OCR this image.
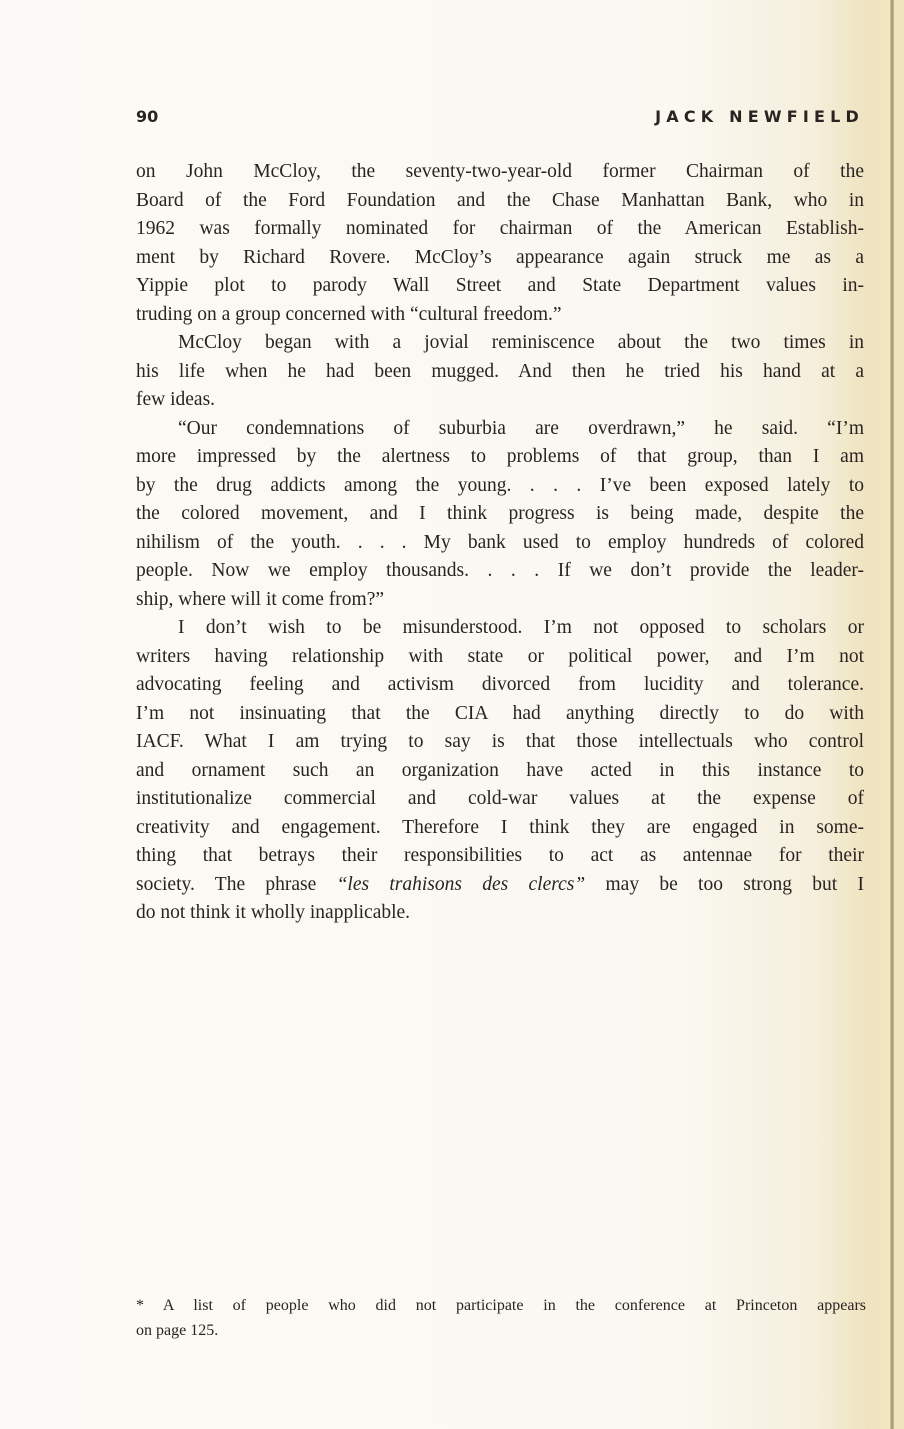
90	JACK NEWFIELD
on John McCloy, the seventy-two-year-old former Chairman of the
Board of the Ford Foundation and the Chase Manhattan Bank, who in
1962 was formally nominated for chairman of the American Establish-
ment by Richard Rovere. McCloy’s appearance again struck me as a
Yippie plot to parody Wall Street and State Department values in-
truding on a group concerned with “cultural freedom.”
McCloy began with a jovial reminiscence about the two times in
his life when he had been mugged. And then he tried his hand at a
few ideas.
“Our condemnations of suburbia are overdrawn,” he said. “I’m
more impressed by the alertness to problems of that group, than I am
by the drug addicts among the young. . . . I’ve been exposed lately to
the colored movement, and I think progress is being made, despite the
nihilism of the youth. . . . My bank used to employ hundreds of colored
people. Now we employ thousands. . . . If we don’t provide the leader-
ship, where will it come from?”
I don’t wish to be misunderstood. I’m not opposed to scholars or
writers having relationship with state or political power, and I’m not
advocating feeling and activism divorced from lucidity and tolerance.
I’m not insinuating that the CIA had anything directly to do with
IACF. What I am trying to say is that those intellectuals who control
and ornament such an organization have acted in this instance to
institutionalize commercial and cold-war values at the expense of
creativity and engagement. Therefore I think they are engaged in some-
thing that betrays their responsibilities to act as antennae for their
society. The phrase “les trahisons des clercs” may be too strong but I
do not think it wholly inapplicable.
* A list of people who did not participate in the conference at Princeton appears
on page 125.
